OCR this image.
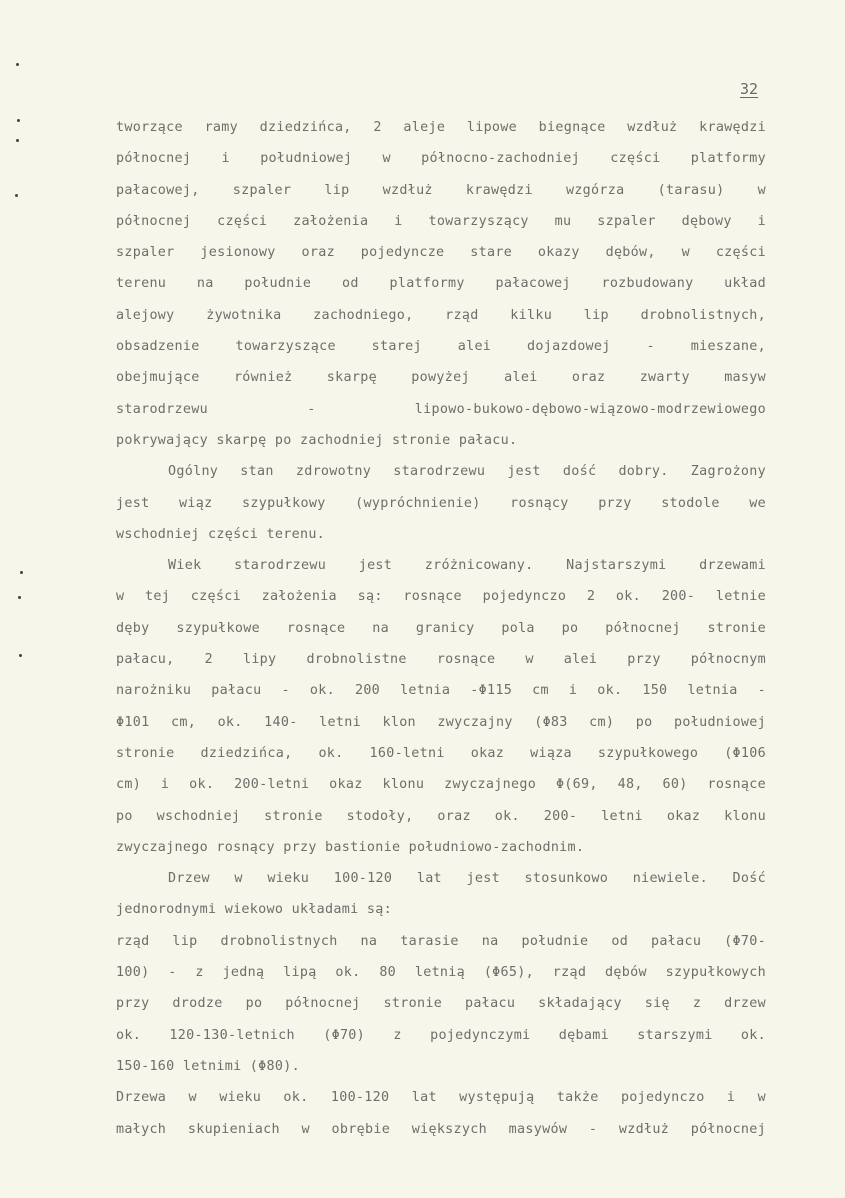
32
tworzące ramy dziedzińca, 2 aleje lipowe biegnące wzdłuż krawędzi
północnej i południowej w północno-zachodniej części platformy
pałacowej, szpaler lip wzdłuż krawędzi wzgórza (tarasu) w
północnej części założenia i towarzyszący mu szpaler dębowy i
szpaler jesionowy oraz pojedyncze stare okazy dębów, w części
terenu na południe od platformy pałacowej rozbudowany układ
alejowy żywotnika zachodniego, rząd kilku lip drobnolistnych,
obsadzenie towarzyszące starej alei dojazdowej - mieszane,
obejmujące również skarpę powyżej alei oraz zwarty masyw
starodrzewu - lipowo-bukowo-dębowo-wiązowo-modrzewiowego
pokrywający skarpę po zachodniej stronie pałacu.
Ogólny stan zdrowotny starodrzewu jest dość dobry. Zagrożony
jest wiąz szypułkowy (wypróchnienie) rosnący przy stodole we
wschodniej części terenu.
Wiek starodrzewu jest zróżnicowany. Najstarszymi drzewami
w tej części założenia są: rosnące pojedynczo 2 ok. 200- letnie
dęby szypułkowe rosnące na granicy pola po północnej stronie
pałacu, 2 lipy drobnolistne rosnące w alei przy północnym
narożniku pałacu - ok. 200 letnia -Φ115 cm i ok. 150 letnia -
Φ101 cm, ok. 140- letni klon zwyczajny (Φ83 cm) po południowej
stronie dziedzińca, ok. 160-letni okaz wiąza szypułkowego (Φ106
cm) i ok. 200-letni okaz klonu zwyczajnego Φ(69, 48, 60) rosnące
po wschodniej stronie stodoły, oraz ok. 200- letni okaz klonu
zwyczajnego rosnący przy bastionie południowo-zachodnim.
Drzew w wieku 100-120 lat jest stosunkowo niewiele. Dość
jednorodnymi wiekowo układami są:
rząd lip drobnolistnych na tarasie na południe od pałacu (Φ70-
100) - z jedną lipą ok. 80 letnią (Φ65), rząd dębów szypułkowych
przy drodze po północnej stronie pałacu składający się z drzew
ok. 120-130-letnich (Φ70) z pojedynczymi dębami starszymi ok.
150-160 letnimi (Φ80).
Drzewa w wieku ok. 100-120 lat występują także pojedynczo i w
małych skupieniach w obrębie większych masywów - wzdłuż północnej
